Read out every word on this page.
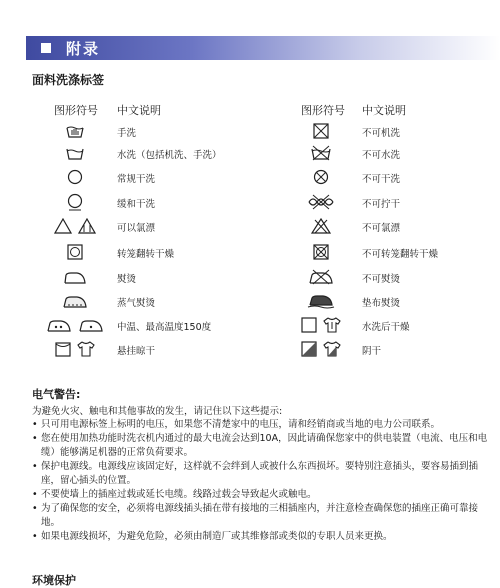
附录
面料洗涤标签
图形符号 中文说明	图形符号 中文说明
手洗
水洗（包括机洗、手洗）
常规干洗
缓和干洗
可以氯漂
转笼翻转干燥
熨烫
蒸气熨烫
中温、最高温度150度
悬挂晾干
不可机洗
不可水洗
不可干洗
不可拧干
不可氯漂
不可转笼翻转干燥
不可熨烫
垫布熨烫
水洗后干燥
阴干
电气警告:
为避免火灾、触电和其他事故的发生，请记住以下这些提示:
• 只可用电源标签上标明的电压，如果您不清楚家中的电压，请和经销商或当地的电力公司联系。
• 您在使用加热功能时洗衣机内通过的最大电流会达到10A，因此请确保您家中的供电装置（电流、电压和电缆）能够满足机器的正常负荷要求。
• 保护电源线。电源线应该固定好，这样就不会绊到人或被什么东西损坏。要特别注意插头，要容易插到插座，留心插头的位置。
• 不要使墙上的插座过载或延长电缆。线路过载会导致起火或触电。
• 为了确保您的安全，必须将电源线插头插在带有接地的三相插座内，并注意检查确保您的插座正确可靠接地。
• 如果电源线损坏，为避免危险，必须由制造厂或其维修部或类似的专职人员来更换。
环境保护
